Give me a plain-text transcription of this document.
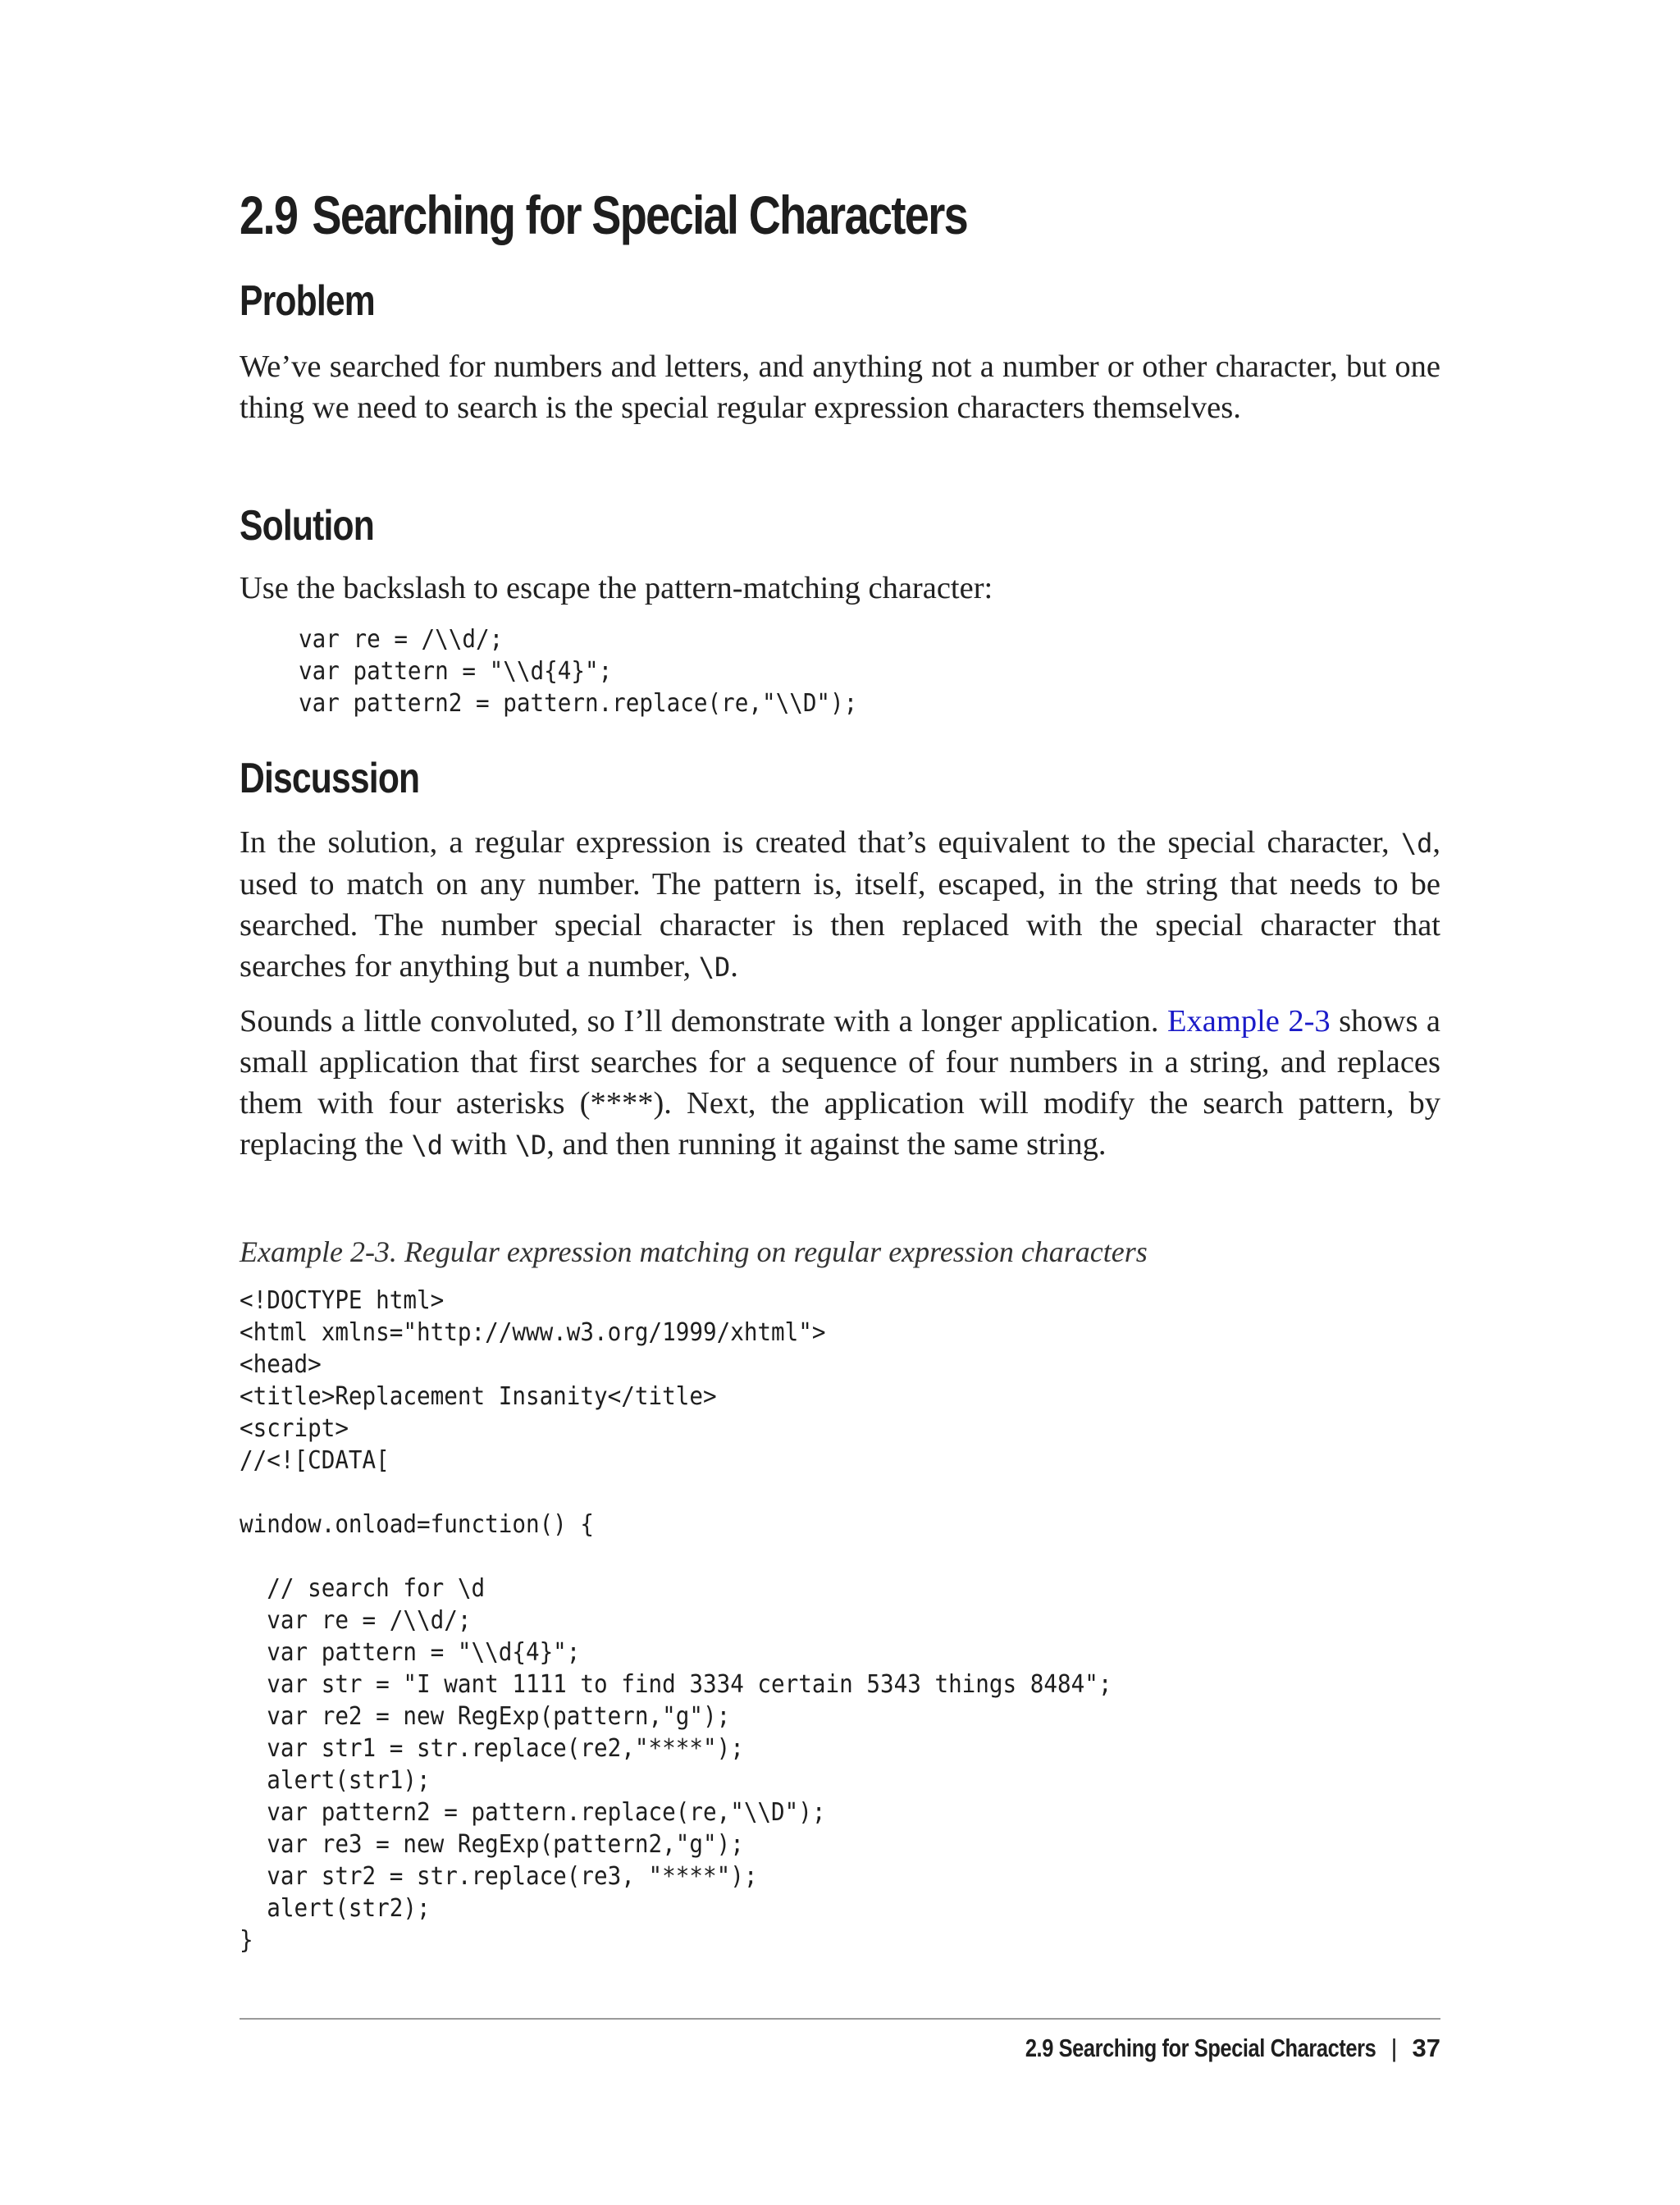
2.9 Searching for Special Characters
Problem

We’ve searched for numbers and letters, and anything not a number or other character, but one thing we need to search is the special regular expression characters themselves.

Solution

Use the backslash to escape the pattern-matching character:

var re = /\\d/;
var pattern = "\\d{4}";
var pattern2 = pattern.replace(re,"\\D");
Discussion

In the solution, a regular expression is created that’s equivalent to the special character, \d, used to match on any number. The pattern is, itself, escaped, in the string that needs to be searched. The number special character is then replaced with the special character that searches for anything but a number, \D.

Sounds a little convoluted, so I’ll demonstrate with a longer application. Example 2-3 shows a small application that first searches for a sequence of four numbers in a string, and replaces them with four asterisks (****). Next, the application will modify the search pattern, by replacing the \d with \D, and then running it against the same string.

Example 2-3. Regular expression matching on regular expression characters

<!DOCTYPE html>
<html xmlns="http://www.w3.org/1999/xhtml">
<head>
<title>Replacement Insanity</title>
<script>
//<![CDATA[

window.onload=function() {

// search for \d
var re = /\\d/;
var pattern = "\\d{4}";
var str = "I want 1111 to find 3334 certain 5343 things 8484";
var re2 = new RegExp(pattern,"g");
var str1 = str.replace(re2,"****");
alert(str1);
var pattern2 = pattern.replace(re,"\\D");
var re3 = new RegExp(pattern2,"g");
var str2 = str.replace(re3, "****");
alert(str2);
}
2.9 Searching for Special Characters | 37
